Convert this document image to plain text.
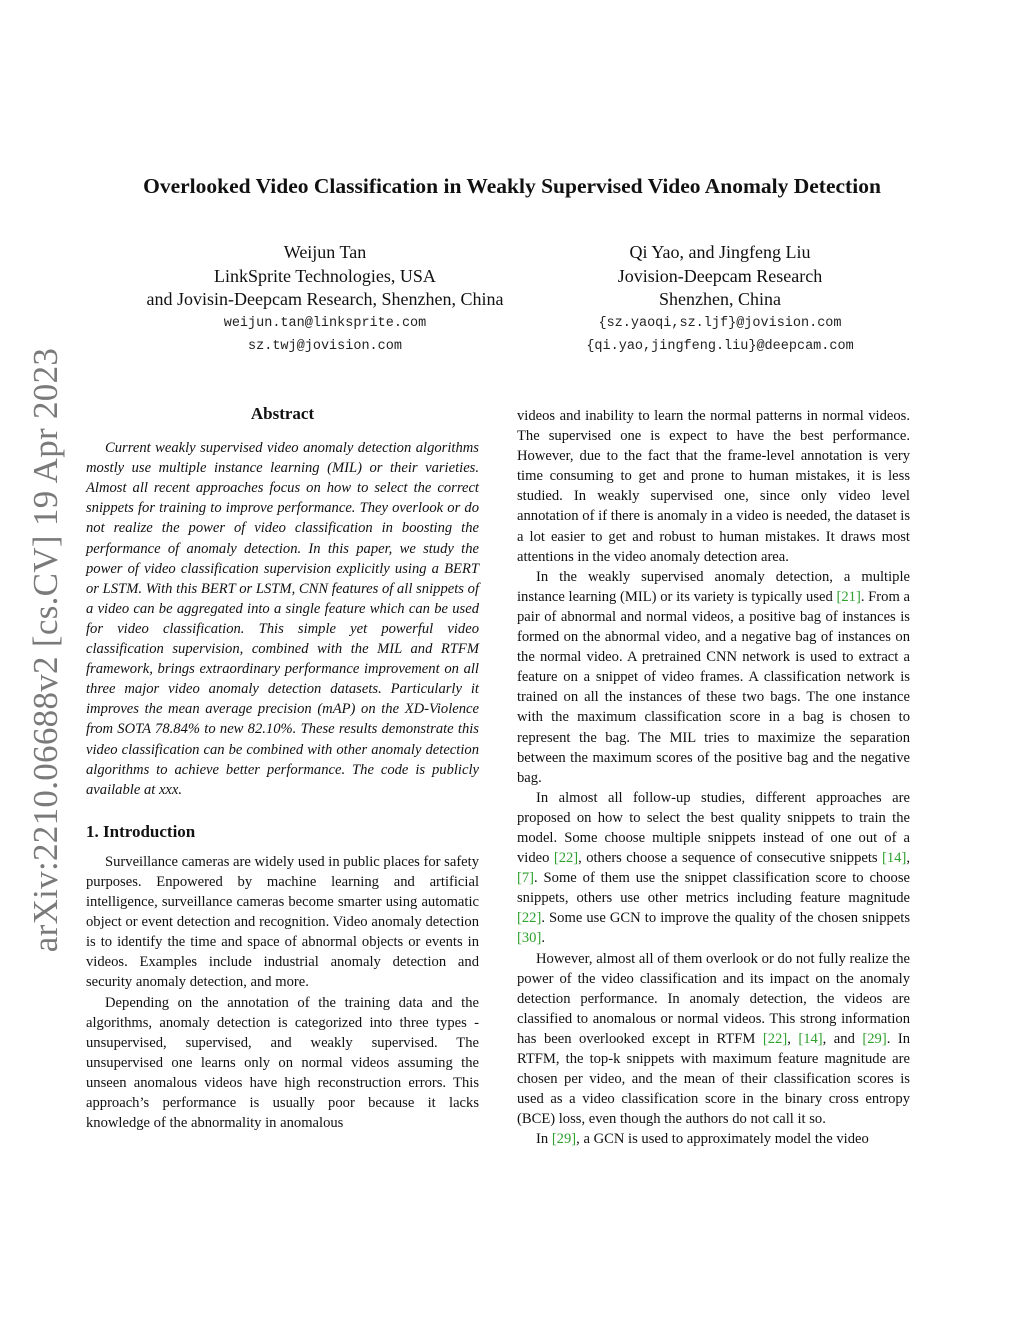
arXiv:2210.06688v2 [cs.CV] 19 Apr 2023
Overlooked Video Classification in Weakly Supervised Video Anomaly Detection
Weijun Tan
LinkSprite Technologies, USA
and Jovisin-Deepcam Research, Shenzhen, China
weijun.tan@linksprite.com
sz.twj@jovision.com
Qi Yao, and Jingfeng Liu
Jovision-Deepcam Research
Shenzhen, China
{sz.yaoqi,sz.ljf}@jovision.com
{qi.yao,jingfeng.liu}@deepcam.com
Abstract

Current weakly supervised video anomaly detection algorithms mostly use multiple instance learning (MIL) or their varieties. Almost all recent approaches focus on how to select the correct snippets for training to improve performance. They overlook or do not realize the power of video classification in boosting the performance of anomaly detection. In this paper, we study the power of video classification supervision explicitly using a BERT or LSTM. With this BERT or LSTM, CNN features of all snippets of a video can be aggregated into a single feature which can be used for video classification. This simple yet powerful video classification supervision, combined with the MIL and RTFM framework, brings extraordinary performance improvement on all three major video anomaly detection datasets. Particularly it improves the mean average precision (mAP) on the XD-Violence from SOTA 78.84% to new 82.10%. These results demonstrate this video classification can be combined with other anomaly detection algorithms to achieve better performance. The code is publicly available at xxx.

1. Introduction

Surveillance cameras are widely used in public places for safety purposes. Enpowered by machine learning and artificial intelligence, surveillance cameras become smarter using automatic object or event detection and recognition. Video anomaly detection is to identify the time and space of abnormal objects or events in videos. Examples include industrial anomaly detection and security anomaly detection, and more.

Depending on the annotation of the training data and the algorithms, anomaly detection is categorized into three types - unsupervised, supervised, and weakly supervised. The unsupervised one learns only on normal videos assuming the unseen anomalous videos have high reconstruction errors. This approach’s performance is usually poor because it lacks knowledge of the abnormality in anomalous

videos and inability to learn the normal patterns in normal videos. The supervised one is expect to have the best performance. However, due to the fact that the frame-level annotation is very time consuming to get and prone to human mistakes, it is less studied. In weakly supervised one, since only video level annotation of if there is anomaly in a video is needed, the dataset is a lot easier to get and robust to human mistakes. It draws most attentions in the video anomaly detection area.

In the weakly supervised anomaly detection, a multiple instance learning (MIL) or its variety is typically used [21]. From a pair of abnormal and normal videos, a positive bag of instances is formed on the abnormal video, and a negative bag of instances on the normal video. A pretrained CNN network is used to extract a feature on a snippet of video frames. A classification network is trained on all the instances of these two bags. The one instance with the maximum classification score in a bag is chosen to represent the bag. The MIL tries to maximize the separation between the maximum scores of the positive bag and the negative bag.

In almost all follow-up studies, different approaches are proposed on how to select the best quality snippets to train the model. Some choose multiple snippets instead of one out of a video [22], others choose a sequence of consecutive snippets [14], [7]. Some of them use the snippet classification score to choose snippets, others use other metrics including feature magnitude [22]. Some use GCN to improve the quality of the chosen snippets [30].

However, almost all of them overlook or do not fully realize the power of the video classification and its impact on the anomaly detection performance. In anomaly detection, the videos are classified to anomalous or normal videos. This strong information has been overlooked except in RTFM [22], [14], and [29]. In RTFM, the top-k snippets with maximum feature magnitude are chosen per video, and the mean of their classification scores is used as a video classification score in the binary cross entropy (BCE) loss, even though the authors do not call it so.

In [29], a GCN is used to approximately model the video
